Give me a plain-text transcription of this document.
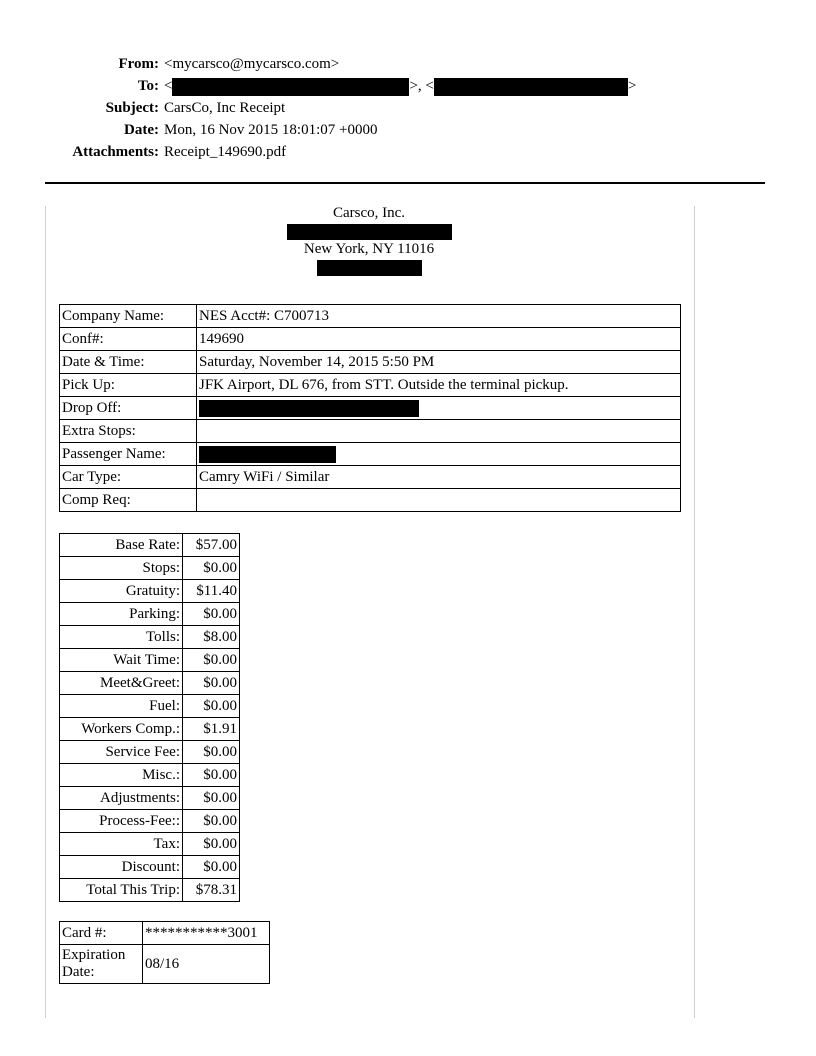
From: <mycarsco@mycarsco.com>
To: <	>, <	>
Subject: CarsCo, Inc Receipt
Date: Mon, 16 Nov 2015 18:01:07 +0000
Attachments: Receipt_149690.pdf
Carsco, Inc.
New York, NY 11016
Company Name:	NES Acct#: C700713
Conf#:	149690
Date & Time:	Saturday, November 14, 2015 5:50 PM
Pick Up:	JFK Airport, DL 676, from STT. Outside the terminal pickup.
Drop Off:	
Extra Stops:	
Passenger Name:	
Car Type:	Camry WiFi / Similar
Comp Req:	
Base Rate:	$57.00
Stops:	$0.00
Gratuity:	$11.40
Parking:	$0.00
Tolls:	$8.00
Wait Time:	$0.00
Meet&Greet:	$0.00
Fuel:	$0.00
Workers Comp.:	$1.91
Service Fee:	$0.00
Misc.:	$0.00
Adjustments:	$0.00
Process-Fee::	$0.00
Tax:	$0.00
Discount:	$0.00
Total This Trip:	$78.31
Card #:	***********3001

Expiration
Date:	08/16
